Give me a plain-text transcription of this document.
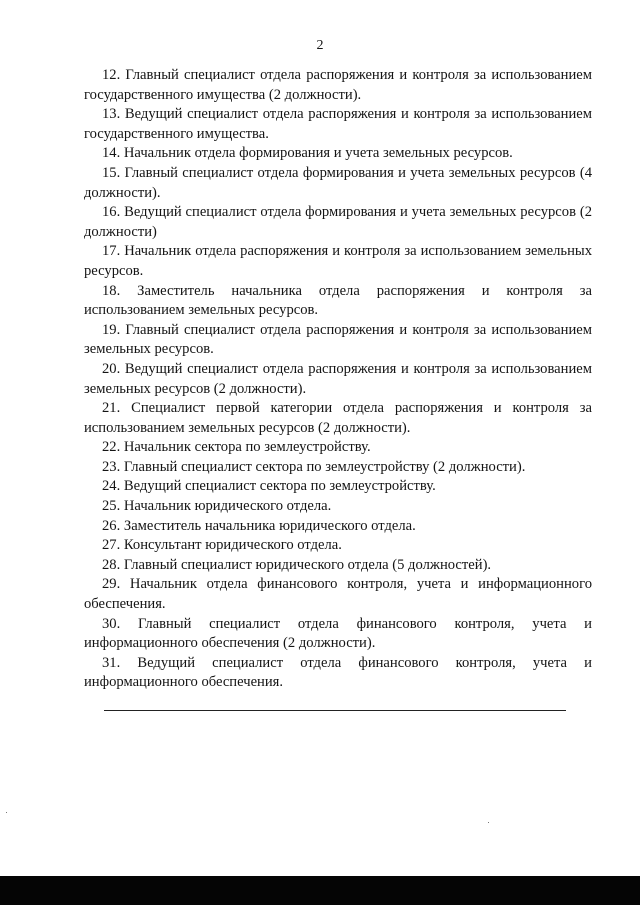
2

12. Главный специалист отдела распоряжения и контроля за использованием государственного имущества (2 должности).

13. Ведущий специалист отдела распоряжения и контроля за использованием государственного имущества.

14. Начальник отдела формирования и учета земельных ресурсов.

15. Главный специалист отдела формирования и учета земельных ресурсов (4 должности).

16. Ведущий специалист отдела формирования и учета земельных ресурсов (2 должности)

17. Начальник отдела распоряжения и контроля за использованием земельных ресурсов.

18. Заместитель начальника отдела распоряжения и контроля за использованием земельных ресурсов.

19. Главный специалист отдела распоряжения и контроля за использованием земельных ресурсов.

20. Ведущий специалист отдела распоряжения и контроля за использованием земельных ресурсов (2 должности).

21. Специалист первой категории отдела распоряжения и контроля за использованием земельных ресурсов (2 должности).

22. Начальник сектора по землеустройству.

23. Главный специалист сектора по землеустройству (2 должности).

24. Ведущий специалист сектора по землеустройству.

25. Начальник юридического отдела.

26. Заместитель начальника юридического отдела.

27. Консультант юридического отдела.

28. Главный специалист юридического отдела (5 должностей).

29. Начальник отдела финансового контроля, учета и информационного обеспечения.

30. Главный специалист отдела финансового контроля, учета и информационного обеспечения (2 должности).

31. Ведущий специалист отдела финансового контроля, учета и информационного обеспечения.
